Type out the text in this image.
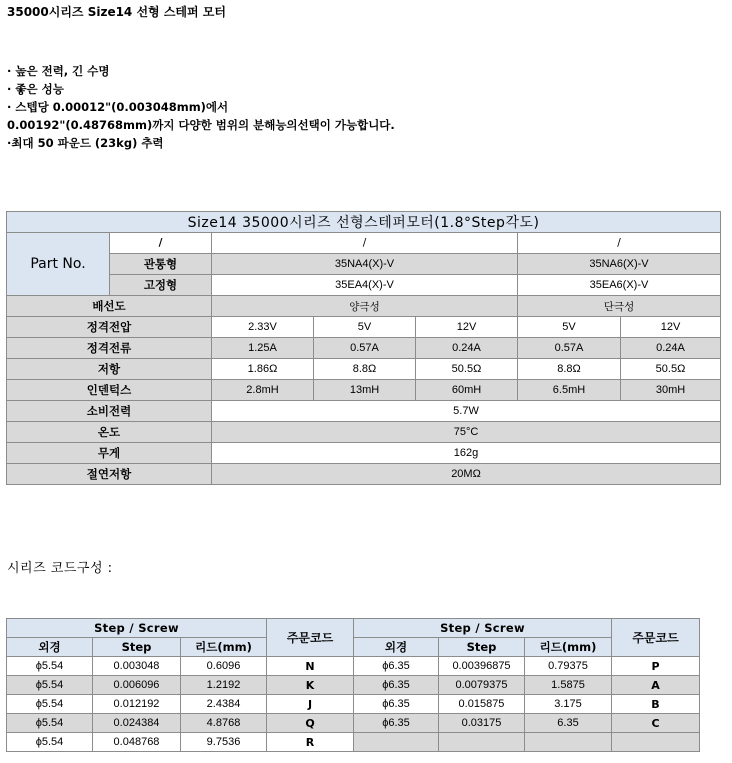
35000시리즈 Size14 선형 스테퍼 모터
· 높은 전력, 긴 수명
· 좋은 성능
· 스텝당 0.00012"(0.003048mm)에서
0.00192"(0.48768mm)까지 다양한 범위의 분해능의선택이 가능합니다.
·최대 50 파운드 (23kg) 추력
Size14 35000시리즈 선형스테퍼모터(1.8°Step각도)						
Part No.	/	/			/	
	관통형	35NA4(X)-V			35NA6(X)-V	
	고정형	35EA4(X)-V			35EA6(X)-V	
배선도		양극성			단극성	
정격전압		2.33V	5V	12V	5V	12V
정격전류		1.25A	0.57A	0.24A	0.57A	0.24A
저항		1.86Ω	8.8Ω	50.5Ω	8.8Ω	50.5Ω
인덴턱스		2.8mH	13mH	60mH	6.5mH	30mH
소비전력		5.7W				
온도		75°C				
무게		162g				
절연저항		20MΩ				
시리즈 코드구성 :
Step / Screw			주문코드	Step / Screw			주문코드
외경	Step	리드(mm)		외경	Step	리드(mm)	
ϕ5.54	0.003048	0.6096	N	ϕ6.35	0.00396875	0.79375	P
ϕ5.54	0.006096	1.2192	K	ϕ6.35	0.0079375	1.5875	A
ϕ5.54	0.012192	2.4384	J	ϕ6.35	0.015875	3.175	B
ϕ5.54	0.024384	4.8768	Q	ϕ6.35	0.03175	6.35	C
ϕ5.54	0.048768	9.7536	R				
